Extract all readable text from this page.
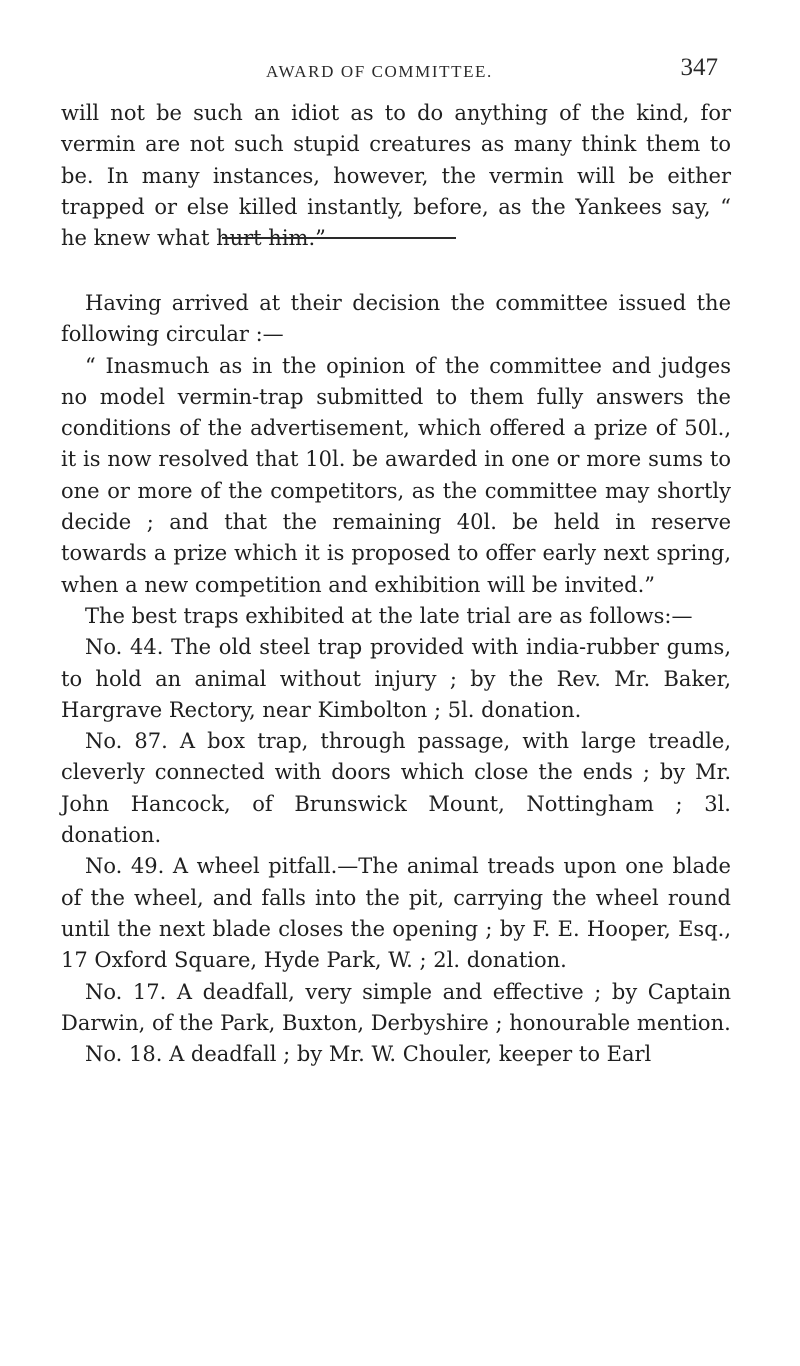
AWARD OF COMMITTEE.	347

will not be such an idiot as to do anything of the kind, for vermin are not such stupid creatures as many think them to be. In many instances, however, the vermin will be either trapped or else killed instantly, before, as the Yankees say, “ he knew what hurt him.”

Having arrived at their decision the committee issued the following circular :—

“ Inasmuch as in the opinion of the committee and judges no model vermin-trap submitted to them fully answers the conditions of the advertisement, which offered a prize of 50l., it is now resolved that 10l. be awarded in one or more sums to one or more of the competitors, as the committee may shortly decide ; and that the remaining 40l. be held in reserve towards a prize which it is proposed to offer early next spring, when a new competition and exhibition will be invited.”

The best traps exhibited at the late trial are as follows:—

No. 44. The old steel trap provided with india-rubber gums, to hold an animal without injury ; by the Rev. Mr. Baker, Hargrave Rectory, near Kimbolton ; 5l. donation.

No. 87. A box trap, through passage, with large treadle, cleverly connected with doors which close the ends ; by Mr. John Hancock, of Brunswick Mount, Nottingham ; 3l. donation.

No. 49. A wheel pitfall.—The animal treads upon one blade of the wheel, and falls into the pit, carrying the wheel round until the next blade closes the opening ; by F. E. Hooper, Esq., 17 Oxford Square, Hyde Park, W. ; 2l. donation.

No. 17. A deadfall, very simple and effective ; by Captain Darwin, of the Park, Buxton, Derbyshire ; honourable mention.

No. 18. A deadfall ; by Mr. W. Chouler, keeper to Earl
